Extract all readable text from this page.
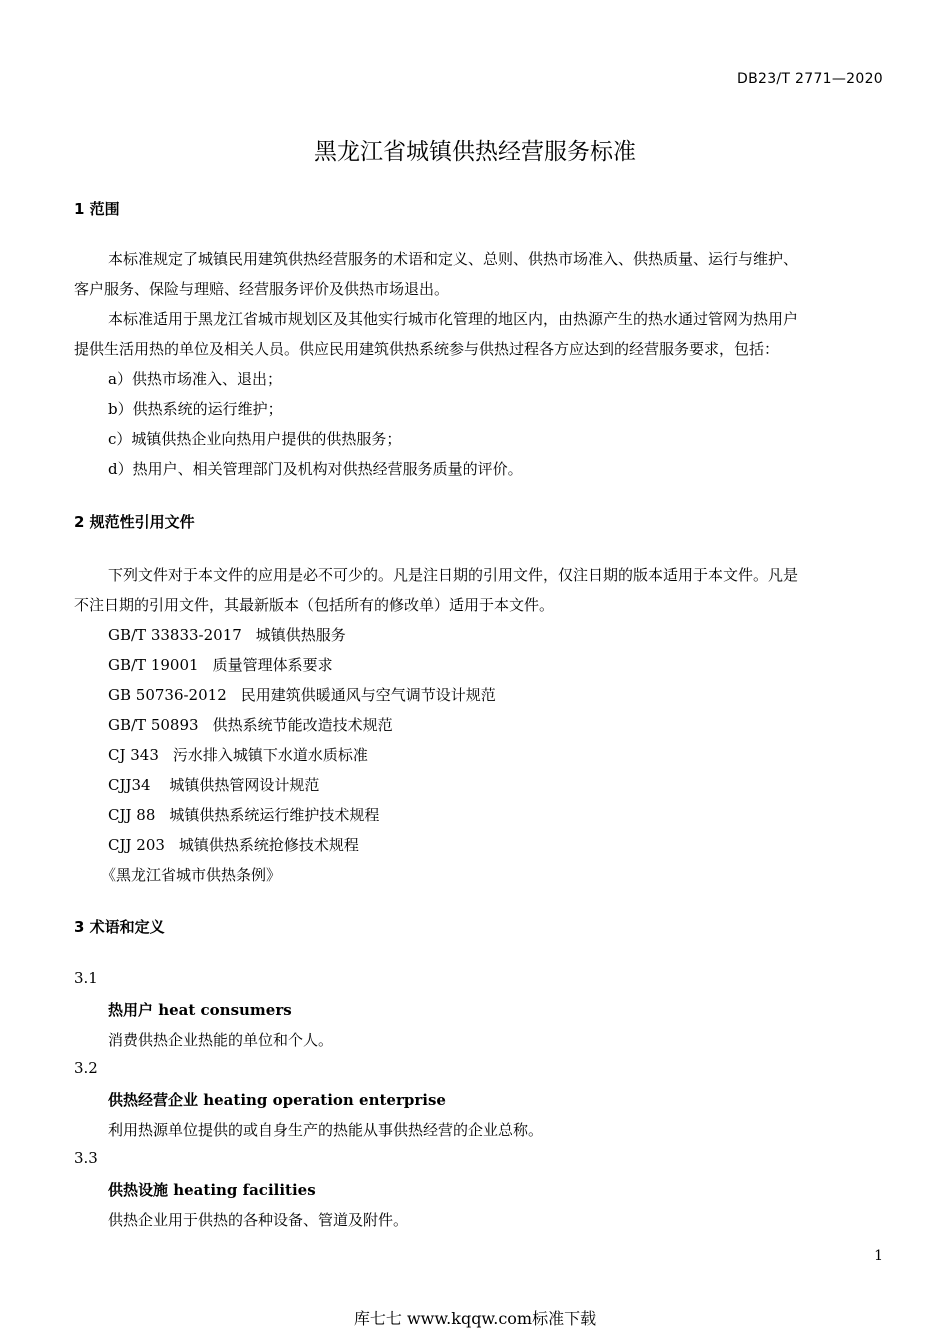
DB23/T 2771—2020
黑龙江省城镇供热经营服务标准
1 范围
本标准规定了城镇民用建筑供热经营服务的术语和定义、总则、供热市场准入、供热质量、运行与维护、
客户服务、保险与理赔、经营服务评价及供热市场退出。
本标准适用于黑龙江省城市规划区及其他实行城市化管理的地区内，由热源产生的热水通过管网为热用户
提供生活用热的单位及相关人员。供应民用建筑供热系统参与供热过程各方应达到的经营服务要求，包括：
a）供热市场准入、退出；
b）供热系统的运行维护；
c）城镇供热企业向热用户提供的供热服务；
d）热用户、相关管理部门及机构对供热经营服务质量的评价。
2 规范性引用文件
下列文件对于本文件的应用是必不可少的。凡是注日期的引用文件，仅注日期的版本适用于本文件。凡是
不注日期的引用文件，其最新版本（包括所有的修改单）适用于本文件。
GB/T 33833-2017 城镇供热服务
GB/T 19001 质量管理体系要求
GB 50736-2012 民用建筑供暖通风与空气调节设计规范
GB/T 50893 供热系统节能改造技术规范
CJ 343 污水排入城镇下水道水质标准
CJJ34 城镇供热管网设计规范
CJJ 88 城镇供热系统运行维护技术规程
CJJ 203 城镇供热系统抢修技术规程
《黑龙江省城市供热条例》
3 术语和定义
3.1
热用户 heat consumers
消费供热企业热能的单位和个人。
3.2
供热经营企业 heating operation enterprise
利用热源单位提供的或自身生产的热能从事供热经营的企业总称。
3.3
供热设施 heating facilities
供热企业用于供热的各种设备、管道及附件。
1
库七七 www.kqqw.com标准下载
